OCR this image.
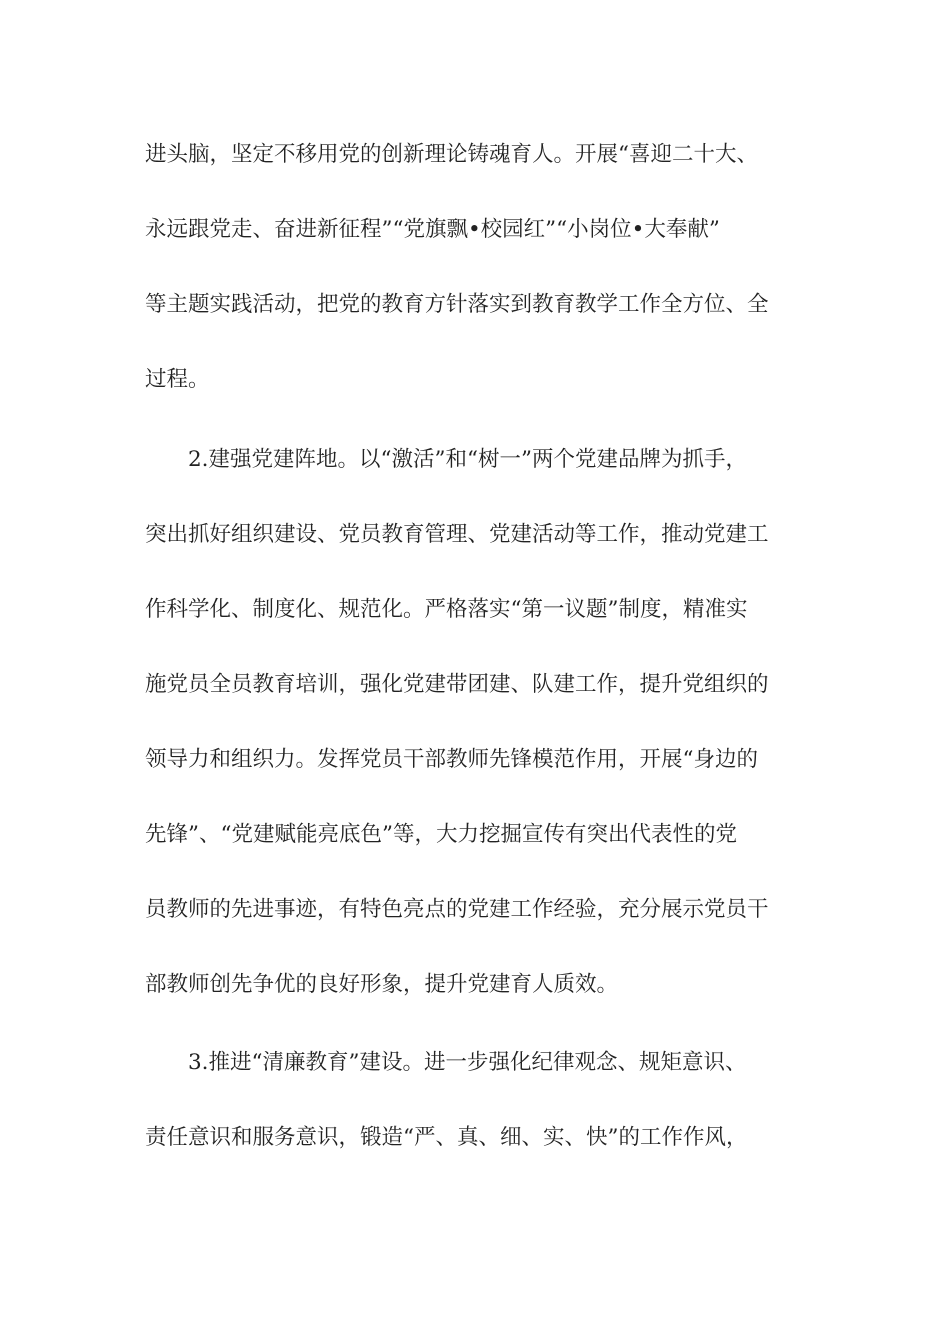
进头脑，坚定不移用党的创新理论铸魂育人。开展“喜迎二十大、
永远跟党走、奋进新征程”“党旗飘•校园红”“小岗位•大奉献”
等主题实践活动，把党的教育方针落实到教育教学工作全方位、全
过程。
2.建强党建阵地。以“激活”和“树一”两个党建品牌为抓手，
突出抓好组织建设、党员教育管理、党建活动等工作，推动党建工
作科学化、制度化、规范化。严格落实“第一议题”制度，精准实
施党员全员教育培训，强化党建带团建、队建工作，提升党组织的
领导力和组织力。发挥党员干部教师先锋模范作用，开展“身边的
先锋”、“党建赋能亮底色”等，大力挖掘宣传有突出代表性的党
员教师的先进事迹，有特色亮点的党建工作经验，充分展示党员干
部教师创先争优的良好形象，提升党建育人质效。
3.推进“清廉教育”建设。进一步强化纪律观念、规矩意识、
责任意识和服务意识，锻造“严、真、细、实、快”的工作作风，
